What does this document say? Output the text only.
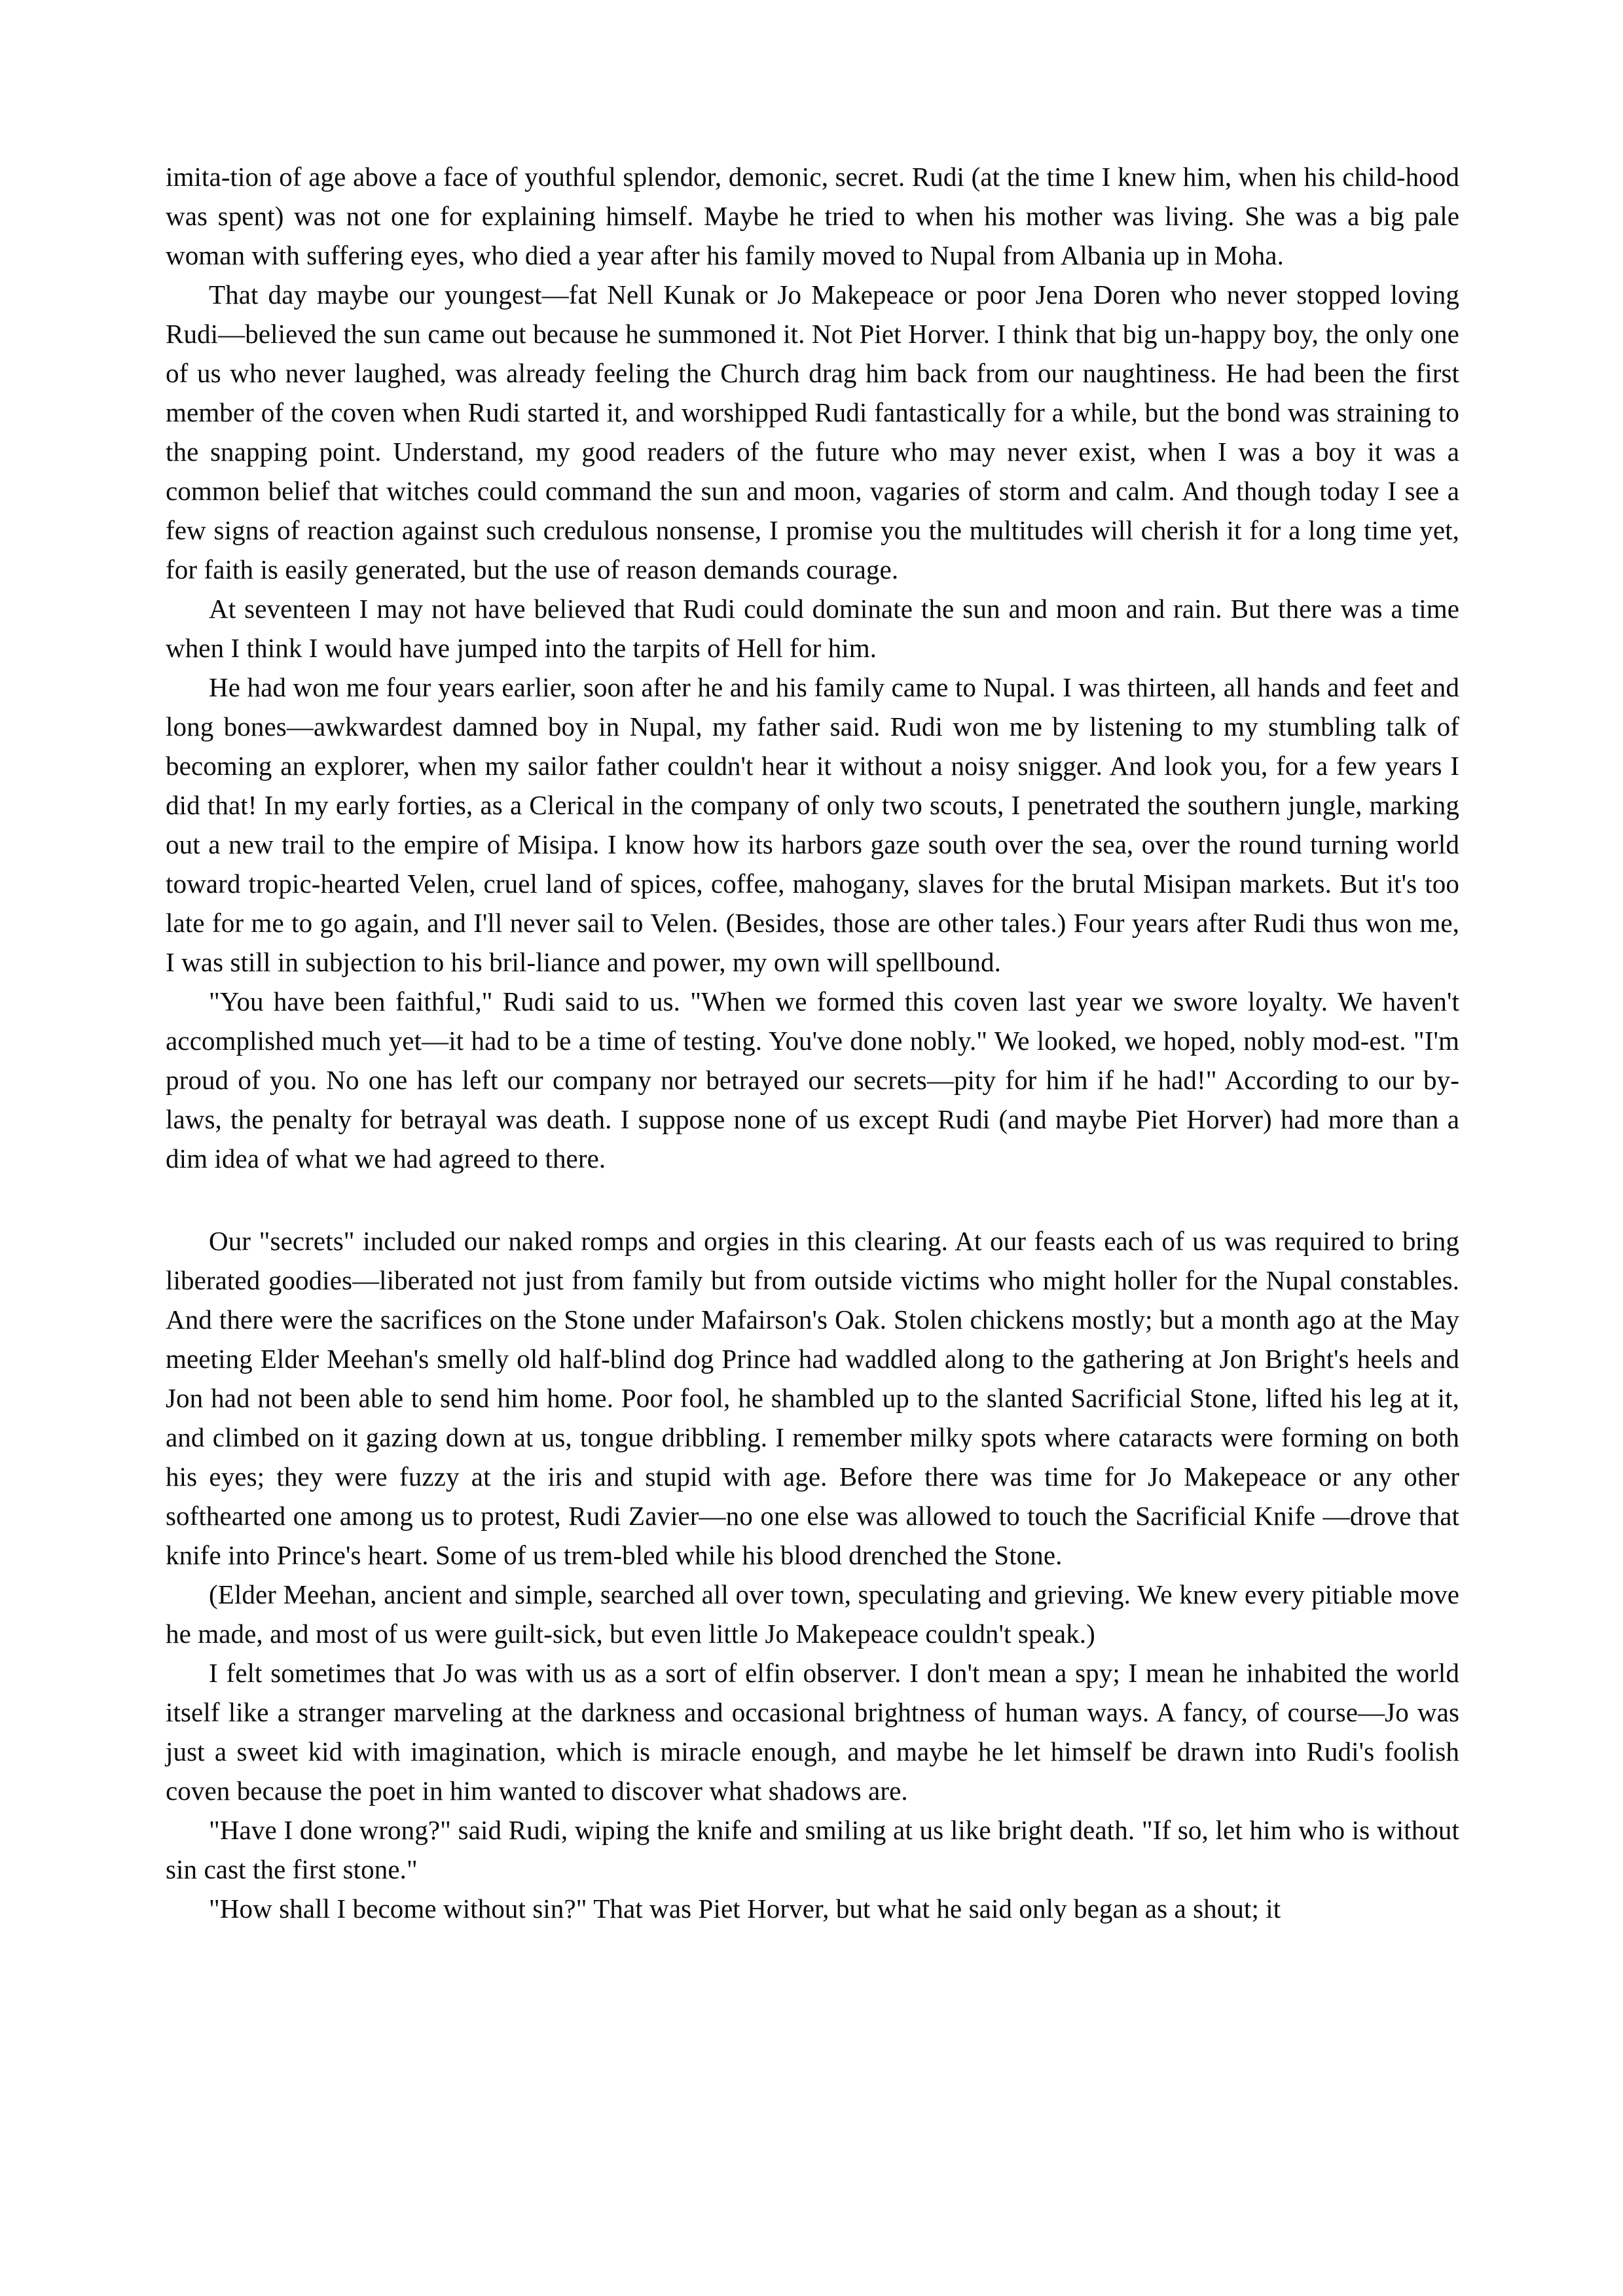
imita-tion of age above a face of youthful splendor, demonic, secret. Rudi (at the time I knew him, when his child-hood was spent) was not one for explaining himself. Maybe he tried to when his mother was living. She was a big pale woman with suffering eyes, who died a year after his family moved to Nupal from Albania up in Moha.

That day maybe our youngest—fat Nell Kunak or Jo Makepeace or poor Jena Doren who never stopped loving Rudi—believed the sun came out because he summoned it. Not Piet Horver. I think that big un-happy boy, the only one of us who never laughed, was already feeling the Church drag him back from our naughtiness. He had been the first member of the coven when Rudi started it, and worshipped Rudi fantastically for a while, but the bond was straining to the snapping point. Understand, my good readers of the future who may never exist, when I was a boy it was a common belief that witches could command the sun and moon, vagaries of storm and calm. And though today I see a few signs of reaction against such credulous nonsense, I promise you the multitudes will cherish it for a long time yet, for faith is easily generated, but the use of reason demands courage.

At seventeen I may not have believed that Rudi could dominate the sun and moon and rain. But there was a time when I think I would have jumped into the tarpits of Hell for him.

He had won me four years earlier, soon after he and his family came to Nupal. I was thirteen, all hands and feet and long bones—awkwardest damned boy in Nupal, my father said. Rudi won me by listening to my stumbling talk of becoming an explorer, when my sailor father couldn't hear it without a noisy snigger. And look you, for a few years I did that! In my early forties, as a Clerical in the company of only two scouts, I penetrated the southern jungle, marking out a new trail to the empire of Misipa. I know how its harbors gaze south over the sea, over the round turning world toward tropic-hearted Velen, cruel land of spices, coffee, mahogany, slaves for the brutal Misipan markets. But it's too late for me to go again, and I'll never sail to Velen. (Besides, those are other tales.) Four years after Rudi thus won me, I was still in subjection to his bril-liance and power, my own will spellbound.

"You have been faithful," Rudi said to us. "When we formed this coven last year we swore loyalty. We haven't accomplished much yet—it had to be a time of testing. You've done nobly." We looked, we hoped, nobly mod-est. "I'm proud of you. No one has left our company nor betrayed our secrets—pity for him if he had!" According to our by-laws, the penalty for betrayal was death. I suppose none of us except Rudi (and maybe Piet Horver) had more than a dim idea of what we had agreed to there.

Our "secrets" included our naked romps and orgies in this clearing. At our feasts each of us was required to bring liberated goodies—liberated not just from family but from outside victims who might holler for the Nupal constables. And there were the sacrifices on the Stone under Mafairson's Oak. Stolen chickens mostly; but a month ago at the May meeting Elder Meehan's smelly old half-blind dog Prince had waddled along to the gathering at Jon Bright's heels and Jon had not been able to send him home. Poor fool, he shambled up to the slanted Sacrificial Stone, lifted his leg at it, and climbed on it gazing down at us, tongue dribbling. I remember milky spots where cataracts were forming on both his eyes; they were fuzzy at the iris and stupid with age. Before there was time for Jo Makepeace or any other softhearted one among us to protest, Rudi Zavier—no one else was allowed to touch the Sacrificial Knife —drove that knife into Prince's heart. Some of us trem-bled while his blood drenched the Stone.

(Elder Meehan, ancient and simple, searched all over town, speculating and grieving. We knew every pitiable move he made, and most of us were guilt-sick, but even little Jo Makepeace couldn't speak.)

I felt sometimes that Jo was with us as a sort of elfin observer. I don't mean a spy; I mean he inhabited the world itself like a stranger marveling at the darkness and occasional brightness of human ways. A fancy, of course—Jo was just a sweet kid with imagination, which is miracle enough, and maybe he let himself be drawn into Rudi's foolish coven because the poet in him wanted to discover what shadows are.

"Have I done wrong?" said Rudi, wiping the knife and smiling at us like bright death. "If so, let him who is without sin cast the first stone."

"How shall I become without sin?" That was Piet Horver, but what he said only began as a shout; it
